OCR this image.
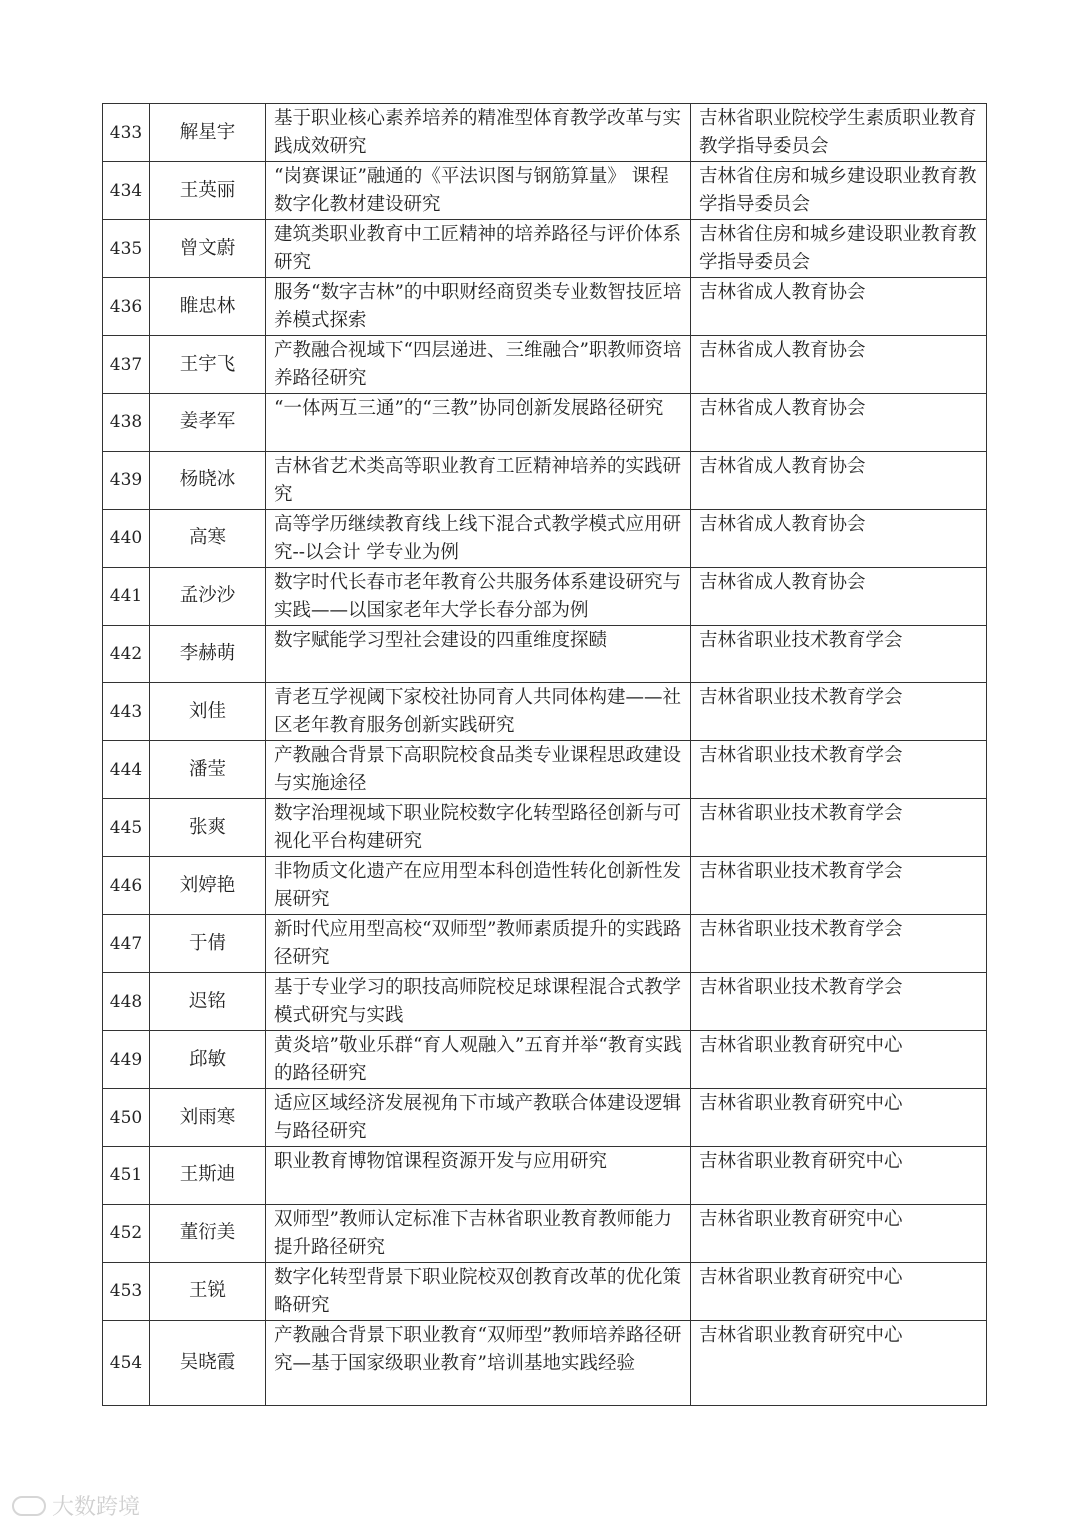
433	解星宇	基于职业核心素养培养的精准型体育教学改革与实践成效研究	吉林省职业院校学生素质职业教育教学指导委员会
434	王英丽	“岗赛课证”融通的《平法识图与钢筋算量》 课程数字化教材建设研究	吉林省住房和城乡建设职业教育教学指导委员会
435	曾文蔚	建筑类职业教育中工匠精神的培养路径与评价体系研究	吉林省住房和城乡建设职业教育教学指导委员会
436	睢忠林	服务“数字吉林”的中职财经商贸类专业数智技匠培养模式探索	吉林省成人教育协会
437	王宇飞	产教融合视域下“四层递进、三维融合”职教师资培养路径研究	吉林省成人教育协会
438	姜孝军	“一体两互三通”的“三教”协同创新发展路径研究	吉林省成人教育协会
439	杨晓冰	吉林省艺术类高等职业教育工匠精神培养的实践研究	吉林省成人教育协会
440	高寒	高等学历继续教育线上线下混合式教学模式应用研究--以会计 学专业为例	吉林省成人教育协会
441	孟沙沙	数字时代长春市老年教育公共服务体系建设研究与实践——以国家老年大学长春分部为例	吉林省成人教育协会
442	李赫萌	数字赋能学习型社会建设的四重维度探赜	吉林省职业技术教育学会
443	刘佳	青老互学视阈下家校社协同育人共同体构建——社区老年教育服务创新实践研究	吉林省职业技术教育学会
444	潘莹	产教融合背景下高职院校食品类专业课程思政建设与实施途径	吉林省职业技术教育学会
445	张爽	数字治理视域下职业院校数字化转型路径创新与可视化平台构建研究	吉林省职业技术教育学会
446	刘婷艳	非物质文化遗产在应用型本科创造性转化创新性发展研究	吉林省职业技术教育学会
447	于倩	新时代应用型高校“双师型”教师素质提升的实践路径研究	吉林省职业技术教育学会
448	迟铭	基于专业学习的职技高师院校足球课程混合式教学模式研究与实践	吉林省职业技术教育学会
449	邱敏	黄炎培”敬业乐群“育人观融入”五育并举“教育实践的路径研究	吉林省职业教育研究中心
450	刘雨寒	适应区域经济发展视角下市域产教联合体建设逻辑与路径研究	吉林省职业教育研究中心
451	王斯迪	职业教育博物馆课程资源开发与应用研究	吉林省职业教育研究中心
452	董衍美	双师型”教师认定标准下吉林省职业教育教师能力提升路径研究	吉林省职业教育研究中心
453	王锐	数字化转型背景下职业院校双创教育改革的优化策略研究	吉林省职业教育研究中心
454	吴晓霞	产教融合背景下职业教育“双师型”教师培养路径研究—基于国家级职业教育”培训基地实践经验	吉林省职业教育研究中心
大数跨境
